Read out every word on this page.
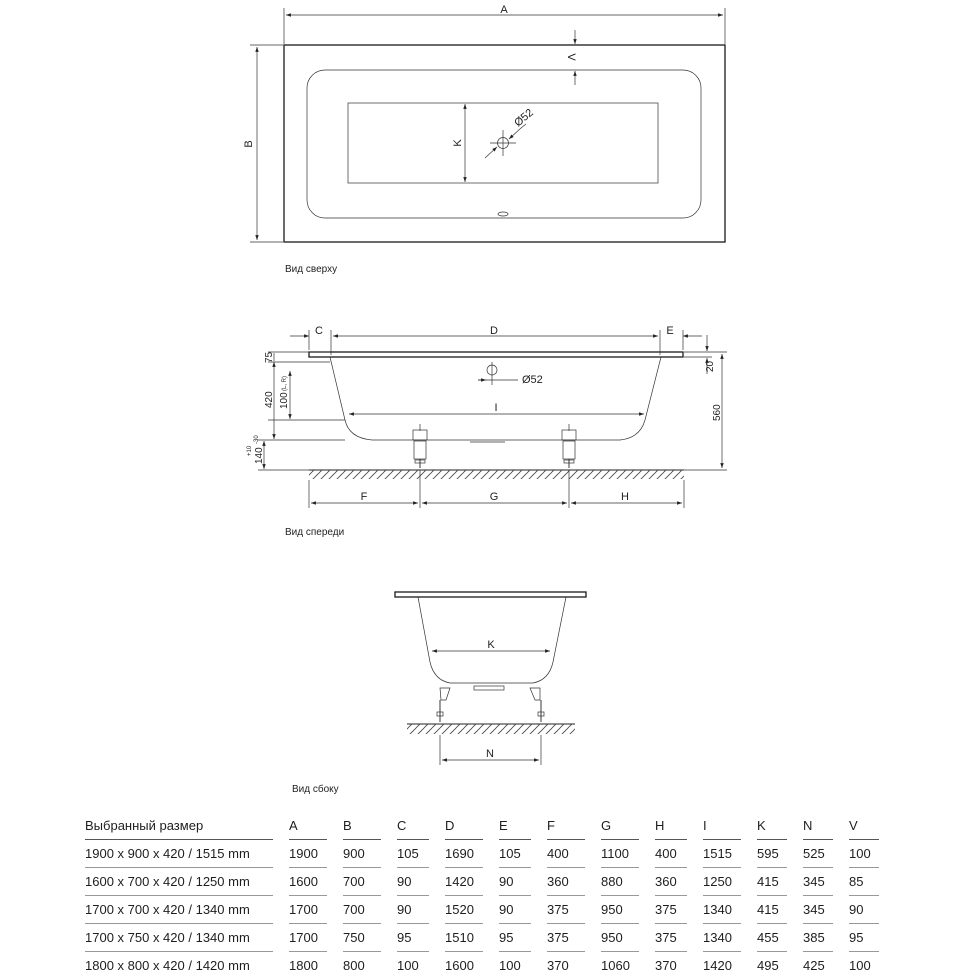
A
B
V
K
Ø52
Вид сверху
C	D	E
Ø52
I
F	G	H
75
420 100
(L, R)
+10 140
-30
20
560
Вид спереди
K
N
Вид сбоку
Выбранный размер		A		B		C		D		E		F		G		H		I		K		N		V
1900 x 900 x 420 / 1515 mm		1900		900		105		1690		105		400		1100		400		1515		595		525		100
1600 x 700 x 420 / 1250 mm		1600		700		90		1420		90		360		880		360		1250		415		345		85
1700 x 700 x 420 / 1340 mm		1700		700		90		1520		90		375		950		375		1340		415		345		90
1700 x 750 x 420 / 1340 mm		1700		750		95		1510		95		375		950		375		1340		455		385		95
1800 x 800 x 420 / 1420 mm		1800		800		100		1600		100		370		1060		370		1420		495		425		100
